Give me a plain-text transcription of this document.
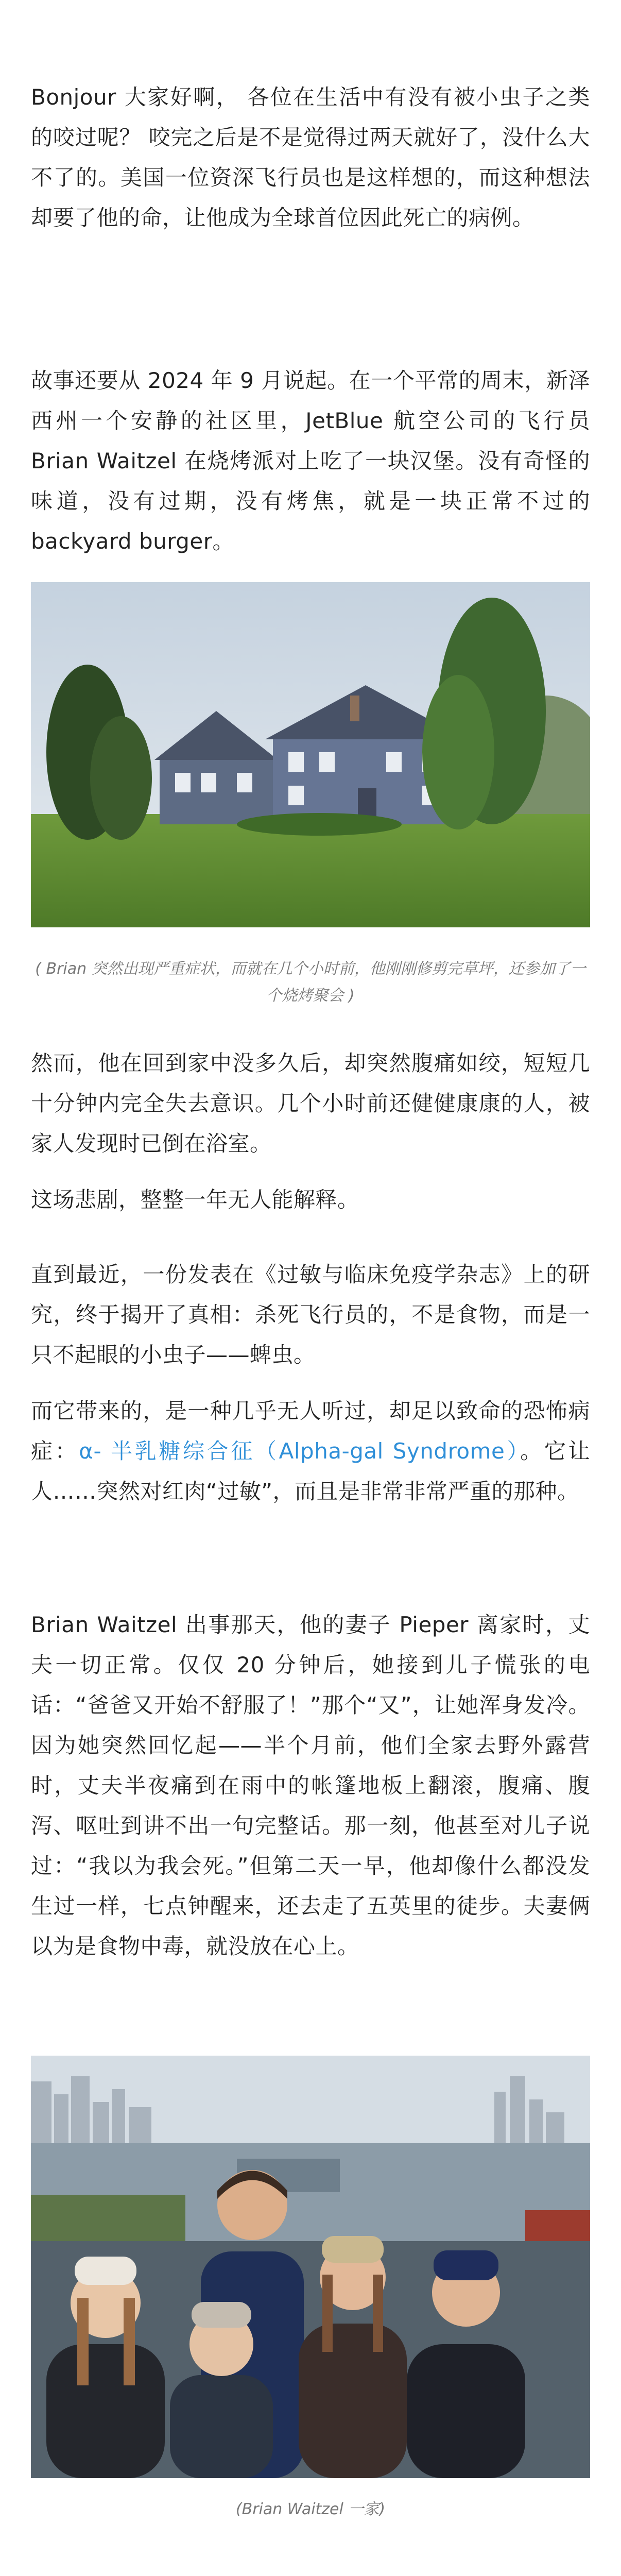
Bonjour 大家好啊， 各位在生活中有没有被小虫子之类的咬过呢？ 咬完之后是不是觉得过两天就好了，没什么大不了的。美国一位资深飞行员也是这样想的，而这种想法却要了他的命，让他成为全球首位因此死亡的病例。

故事还要从 2024 年 9 月说起。在一个平常的周末，新泽西州一个安静的社区里，JetBlue 航空公司的飞行员 Brian Waitzel 在烧烤派对上吃了一块汉堡。没有奇怪的味道，没有过期，没有烤焦，就是一块正常不过的 backyard burger。

( Brian 突然出现严重症状，而就在几个小时前，他刚刚修剪完草坪，还参加了一个烧烤聚会 )

然而，他在回到家中没多久后，却突然腹痛如绞，短短几十分钟内完全失去意识。几个小时前还健健康康的人，被家人发现时已倒在浴室。

这场悲剧，整整一年无人能解释。

直到最近，一份发表在《过敏与临床免疫学杂志》上的研究，终于揭开了真相：杀死飞行员的，不是食物，而是一只不起眼的小虫子——蜱虫。

而它带来的，是一种几乎无人听过，却足以致命的恐怖病症：α- 半乳糖综合征（Alpha-gal Syndrome）。它让人……突然对红肉“过敏”，而且是非常非常严重的那种。

Brian Waitzel 出事那天，他的妻子 Pieper 离家时，丈夫一切正常。仅仅 20 分钟后，她接到儿子慌张的电话：“爸爸又开始不舒服了！”那个“又”，让她浑身发冷。因为她突然回忆起——半个月前，他们全家去野外露营时，丈夫半夜痛到在雨中的帐篷地板上翻滚，腹痛、腹泻、呕吐到讲不出一句完整话。那一刻，他甚至对儿子说过：“我以为我会死。”但第二天一早，他却像什么都没发生过一样，七点钟醒来，还去走了五英里的徒步。夫妻俩以为是食物中毒，就没放在心上。

(Brian Waitzel 一家)
